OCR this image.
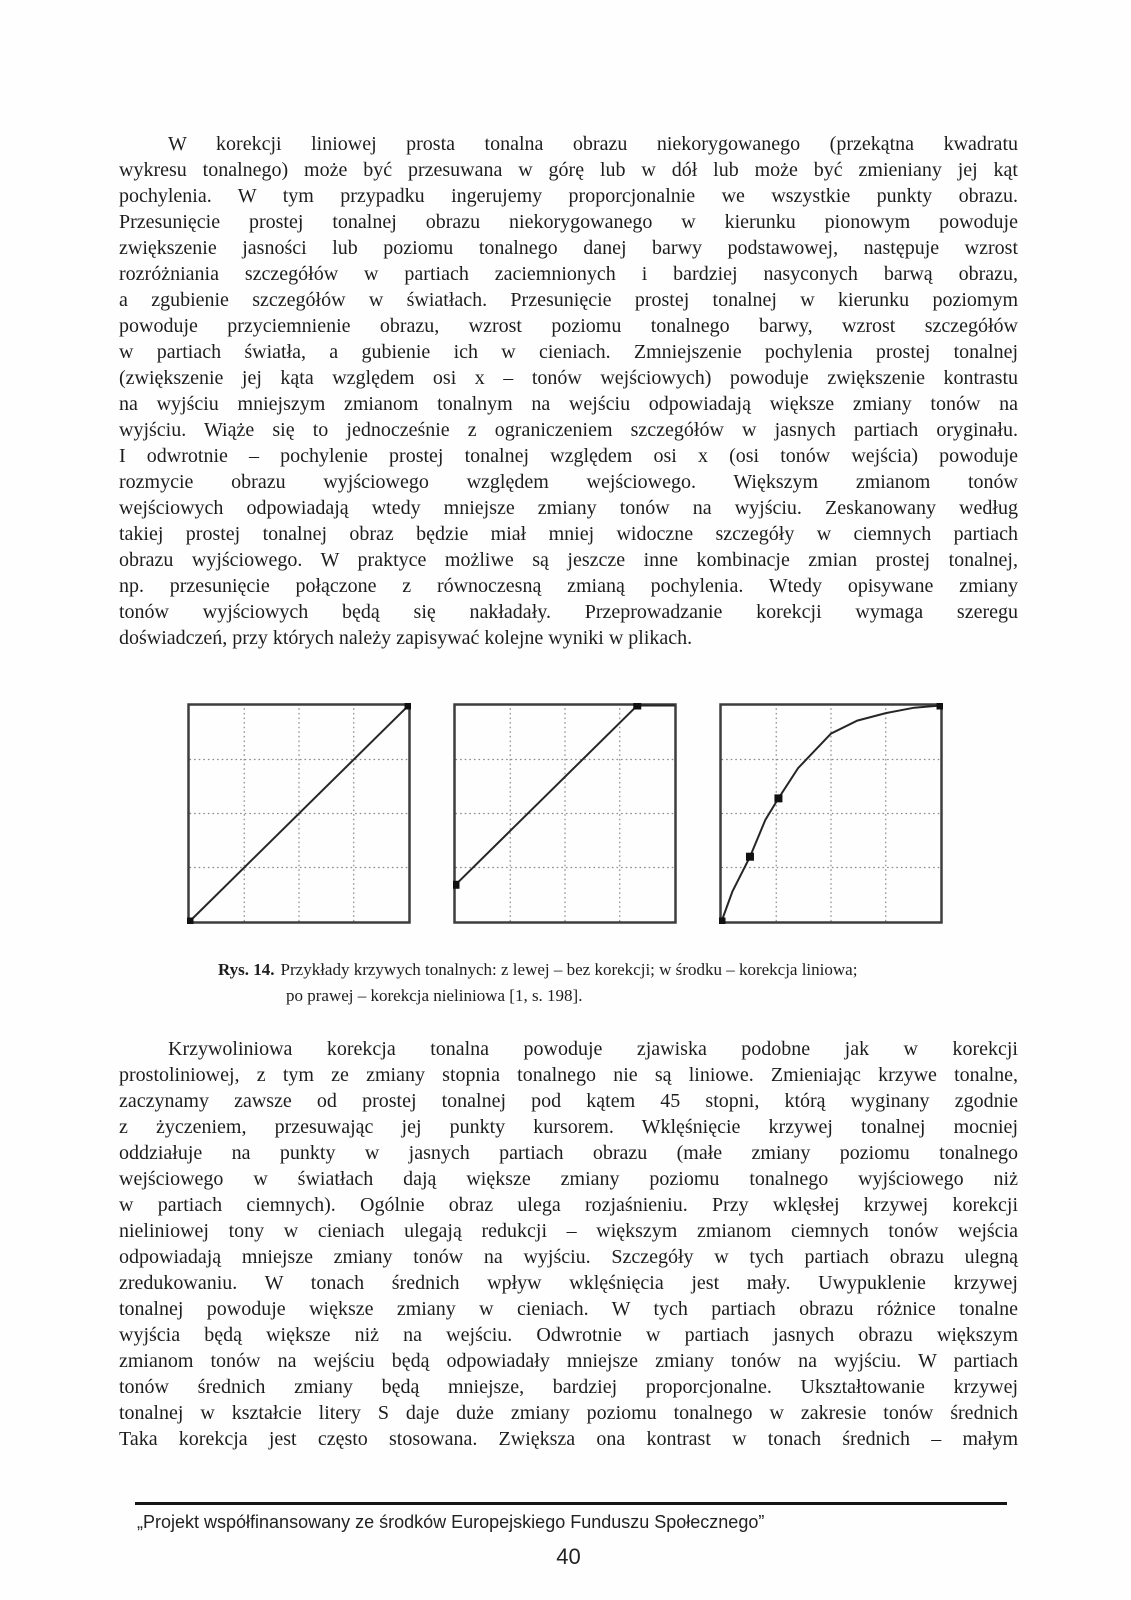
W korekcji liniowej prosta tonalna obrazu niekorygowanego (przekątna kwadratu
wykresu tonalnego) może być przesuwana w górę lub w dół lub może być zmieniany jej kąt
pochylenia. W tym przypadku ingerujemy proporcjonalnie we wszystkie punkty obrazu.
Przesunięcie prostej tonalnej obrazu niekorygowanego w kierunku pionowym powoduje
zwiększenie jasności lub poziomu tonalnego danej barwy podstawowej, następuje wzrost
rozróżniania szczegółów w partiach zaciemnionych i bardziej nasyconych barwą obrazu,
a zgubienie szczegółów w światłach. Przesunięcie prostej tonalnej w kierunku poziomym
powoduje przyciemnienie obrazu, wzrost poziomu tonalnego barwy, wzrost szczegółów
w partiach światła, a gubienie ich w cieniach. Zmniejszenie pochylenia prostej tonalnej
(zwiększenie jej kąta względem osi x – tonów wejściowych) powoduje zwiększenie kontrastu
na wyjściu mniejszym zmianom tonalnym na wejściu odpowiadają większe zmiany tonów na
wyjściu. Wiąże się to jednocześnie z ograniczeniem szczegółów w jasnych partiach oryginału.
I odwrotnie – pochylenie prostej tonalnej względem osi x (osi tonów wejścia) powoduje
rozmycie obrazu wyjściowego względem wejściowego. Większym zmianom tonów
wejściowych odpowiadają wtedy mniejsze zmiany tonów na wyjściu. Zeskanowany według
takiej prostej tonalnej obraz będzie miał mniej widoczne szczegóły w ciemnych partiach
obrazu wyjściowego. W praktyce możliwe są jeszcze inne kombinacje zmian prostej tonalnej,
np. przesunięcie połączone z równoczesną zmianą pochylenia. Wtedy opisywane zmiany
tonów wyjściowych będą się nakładały. Przeprowadzanie korekcji wymaga szeregu
doświadczeń, przy których należy zapisywać kolejne wyniki w plikach.
Rys. 14. Przykłady krzywych tonalnych: z lewej – bez korekcji; w środku – korekcja liniowa;
po prawej – korekcja nieliniowa [1, s. 198].
Krzywoliniowa korekcja tonalna powoduje zjawiska podobne jak w korekcji
prostoliniowej, z tym ze zmiany stopnia tonalnego nie są liniowe. Zmieniając krzywe tonalne,
zaczynamy zawsze od prostej tonalnej pod kątem 45 stopni, którą wyginany zgodnie
z życzeniem, przesuwając jej punkty kursorem. Wklęśnięcie krzywej tonalnej mocniej
oddziałuje na punkty w jasnych partiach obrazu (małe zmiany poziomu tonalnego
wejściowego w światłach dają większe zmiany poziomu tonalnego wyjściowego niż
w partiach ciemnych). Ogólnie obraz ulega rozjaśnieniu. Przy wklęsłej krzywej korekcji
nieliniowej tony w cieniach ulegają redukcji – większym zmianom ciemnych tonów wejścia
odpowiadają mniejsze zmiany tonów na wyjściu. Szczegóły w tych partiach obrazu ulegną
zredukowaniu. W tonach średnich wpływ wklęśnięcia jest mały. Uwypuklenie krzywej
tonalnej powoduje większe zmiany w cieniach. W tych partiach obrazu różnice tonalne
wyjścia będą większe niż na wejściu. Odwrotnie w partiach jasnych obrazu większym
zmianom tonów na wejściu będą odpowiadały mniejsze zmiany tonów na wyjściu. W partiach
tonów średnich zmiany będą mniejsze, bardziej proporcjonalne. Ukształtowanie krzywej
tonalnej w kształcie litery S daje duże zmiany poziomu tonalnego w zakresie tonów średnich
Taka korekcja jest często stosowana. Zwiększa ona kontrast w tonach średnich – małym
„Projekt współfinansowany ze środków Europejskiego Funduszu Społecznego”
40
